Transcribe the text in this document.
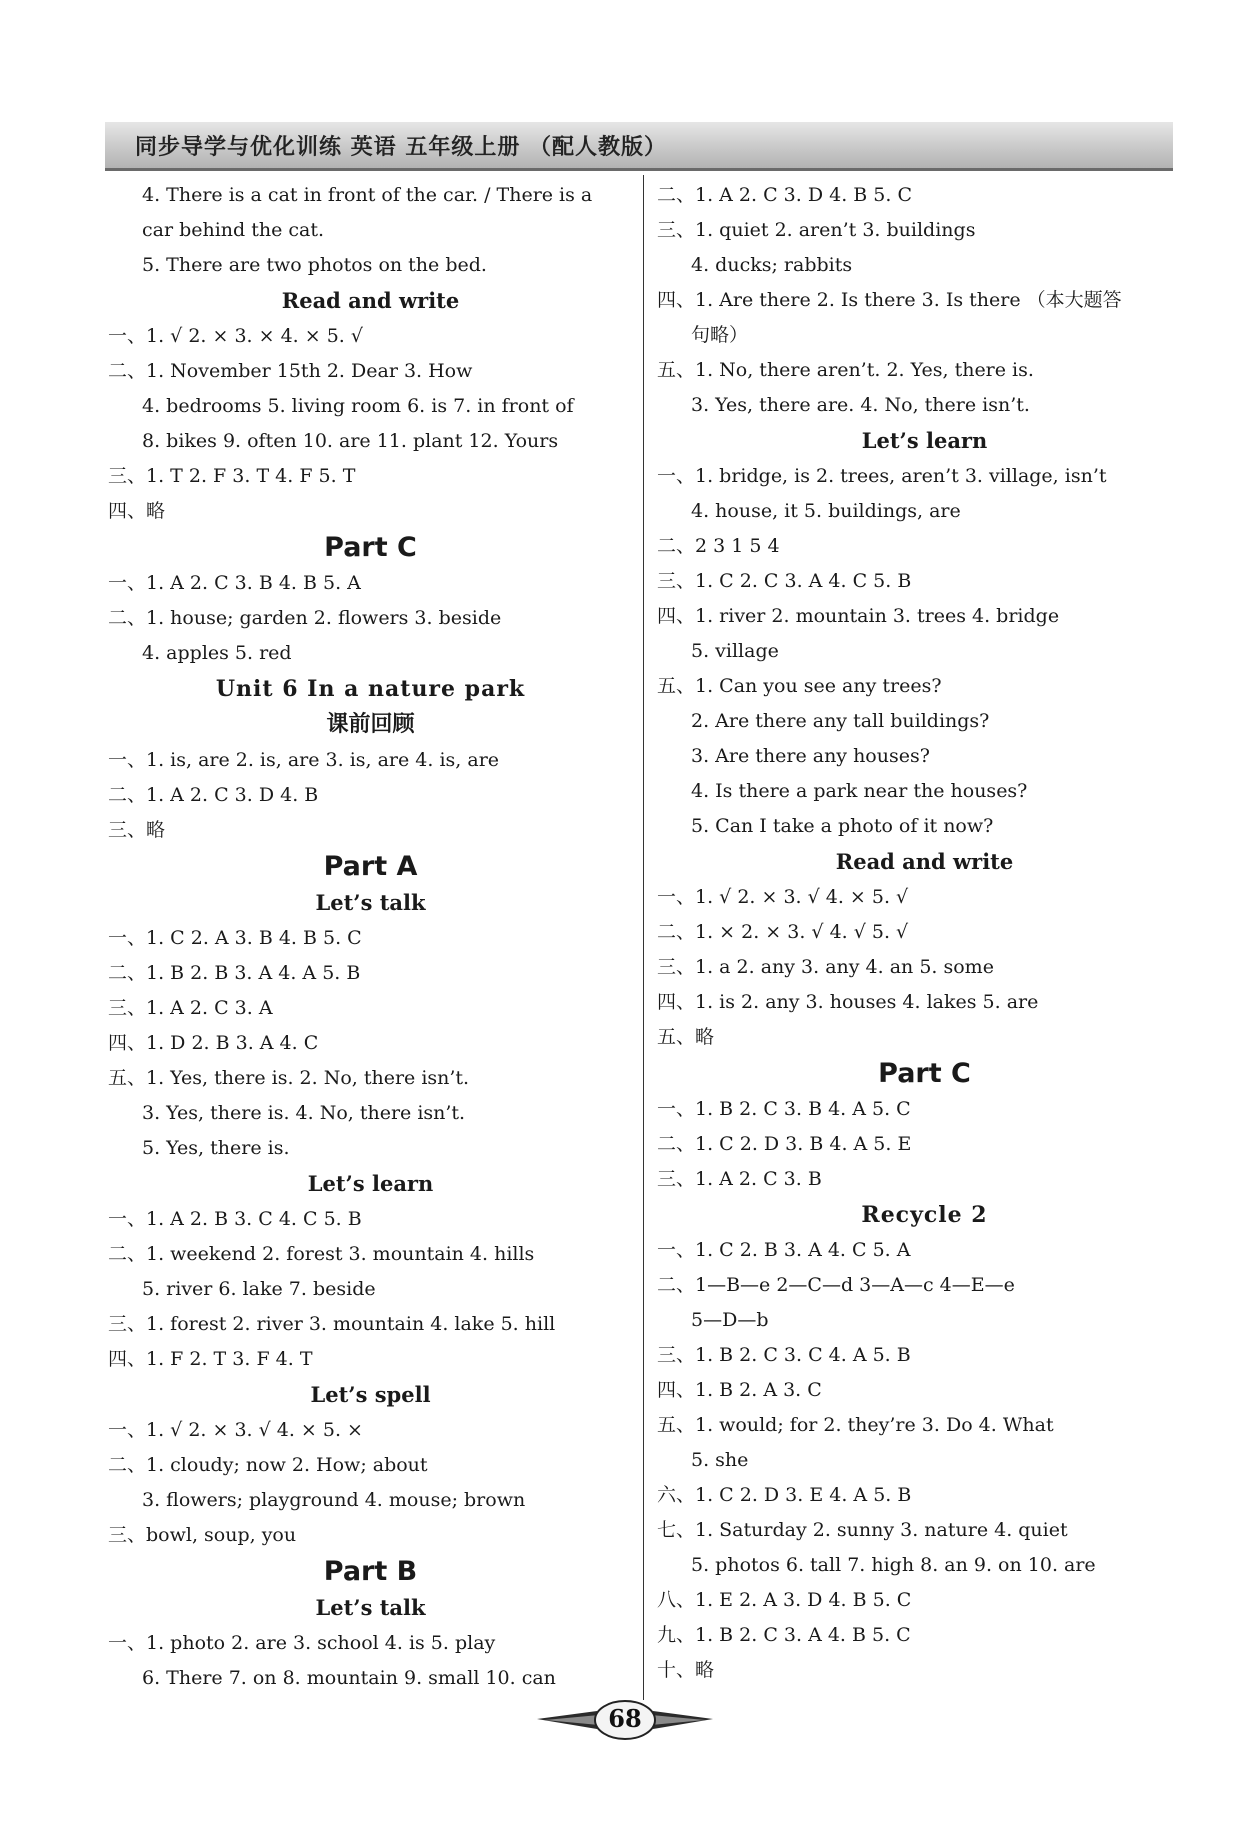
同步导学与优化训练 英语 五年级上册 （配人教版）
4. There is a cat in front of the car. / There is a
car behind the cat.
5. There are two photos on the bed.
Read and write
一、1. √ 2. × 3. × 4. × 5. √
二、1. November 15th 2. Dear 3. How
4. bedrooms 5. living room 6. is 7. in front of
8. bikes 9. often 10. are 11. plant 12. Yours
三、1. T 2. F 3. T 4. F 5. T
四、略
Part C
一、1. A 2. C 3. B 4. B 5. A
二、1. house; garden 2. flowers 3. beside
4. apples 5. red
Unit 6 In a nature park
课前回顾
一、1. is, are 2. is, are 3. is, are 4. is, are
二、1. A 2. C 3. D 4. B
三、略
Part A
Let’s talk
一、1. C 2. A 3. B 4. B 5. C
二、1. B 2. B 3. A 4. A 5. B
三、1. A 2. C 3. A
四、1. D 2. B 3. A 4. C
五、1. Yes, there is. 2. No, there isn’t.
3. Yes, there is. 4. No, there isn’t.
5. Yes, there is.
Let’s learn
一、1. A 2. B 3. C 4. C 5. B
二、1. weekend 2. forest 3. mountain 4. hills
5. river 6. lake 7. beside
三、1. forest 2. river 3. mountain 4. lake 5. hill
四、1. F 2. T 3. F 4. T
Let’s spell
一、1. √ 2. × 3. √ 4. × 5. ×
二、1. cloudy; now 2. How; about
3. flowers; playground 4. mouse; brown
三、bowl, soup, you
Part B
Let’s talk
一、1. photo 2. are 3. school 4. is 5. play
6. There 7. on 8. mountain 9. small 10. can
二、1. A 2. C 3. D 4. B 5. C
三、1. quiet 2. aren’t 3. buildings
4. ducks; rabbits
四、1. Are there 2. Is there 3. Is there （本大题答
句略）
五、1. No, there aren’t. 2. Yes, there is.
3. Yes, there are. 4. No, there isn’t.
Let’s learn
一、1. bridge, is 2. trees, aren’t 3. village, isn’t
4. house, it 5. buildings, are
二、2 3 1 5 4
三、1. C 2. C 3. A 4. C 5. B
四、1. river 2. mountain 3. trees 4. bridge
5. village
五、1. Can you see any trees?
2. Are there any tall buildings?
3. Are there any houses?
4. Is there a park near the houses?
5. Can I take a photo of it now?
Read and write
一、1. √ 2. × 3. √ 4. × 5. √
二、1. × 2. × 3. √ 4. √ 5. √
三、1. a 2. any 3. any 4. an 5. some
四、1. is 2. any 3. houses 4. lakes 5. are
五、略
Part C
一、1. B 2. C 3. B 4. A 5. C
二、1. C 2. D 3. B 4. A 5. E
三、1. A 2. C 3. B
Recycle 2
一、1. C 2. B 3. A 4. C 5. A
二、1—B—e 2—C—d 3—A—c 4—E—e
5—D—b
三、1. B 2. C 3. C 4. A 5. B
四、1. B 2. A 3. C
五、1. would; for 2. they’re 3. Do 4. What
5. she
六、1. C 2. D 3. E 4. A 5. B
七、1. Saturday 2. sunny 3. nature 4. quiet
5. photos 6. tall 7. high 8. an 9. on 10. are
八、1. E 2. A 3. D 4. B 5. C
九、1. B 2. C 3. A 4. B 5. C
十、略
68
